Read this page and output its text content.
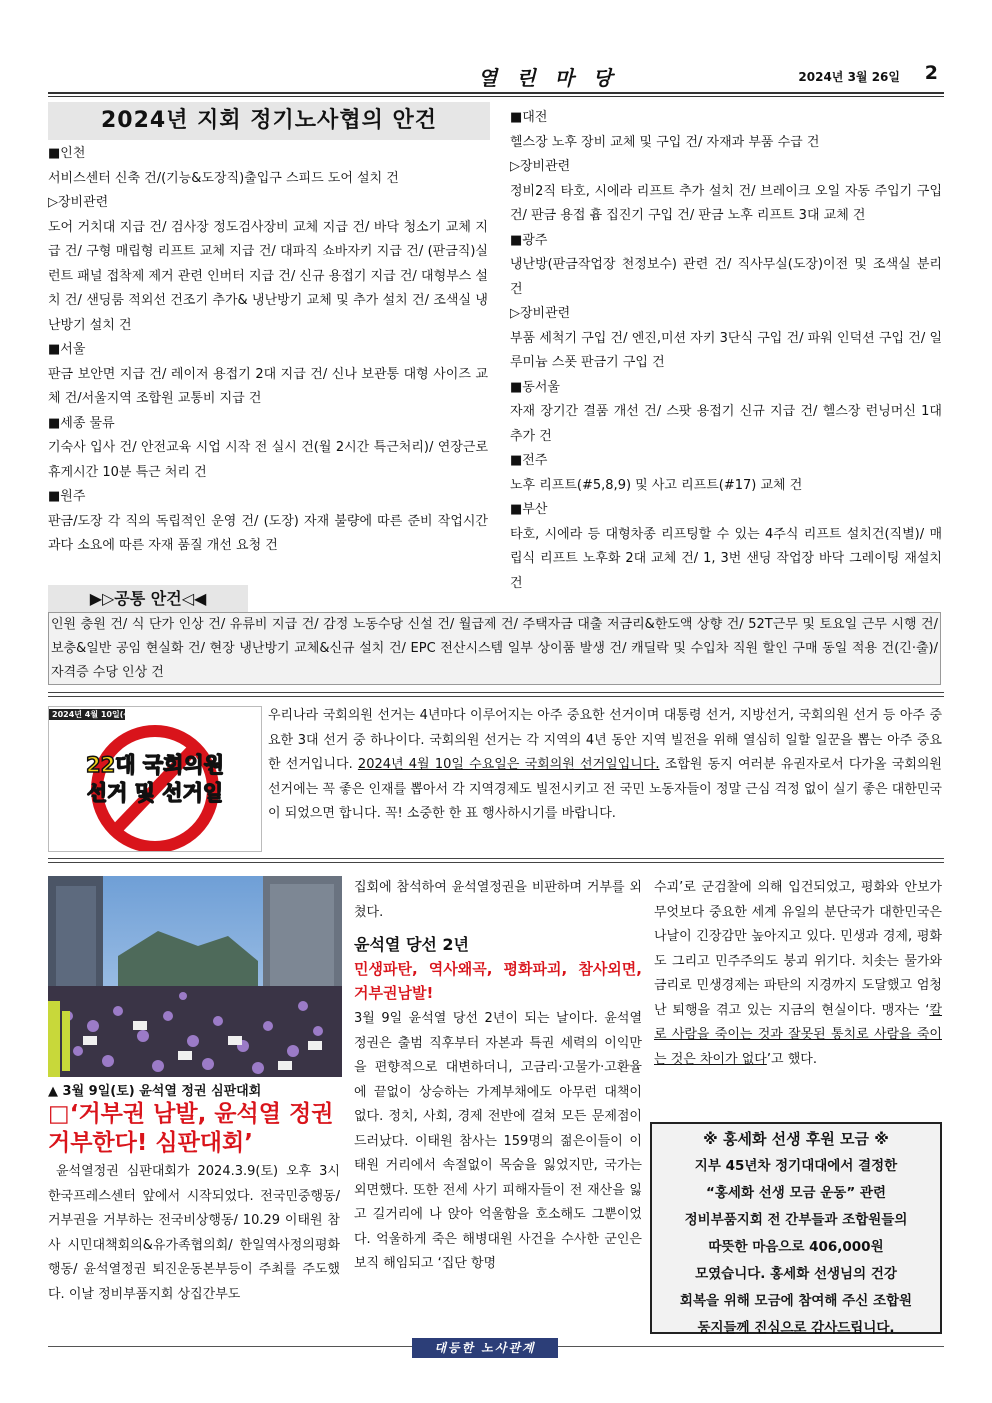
열 린 마 당	2024년 3월 26일 2
2024년 지회 정기노사협의 안건

■인천

서비스센터 신축 건/(기능&도장직)출입구 스피드 도어 설치 건

▷장비관련

도어 거치대 지급 건/ 검사장 정도검사장비 교체 지급 건/ 바닥 청소기 교체 지급 건/ 구형 매립형 리프트 교체 지급 건/ 대파직 쇼바자키 지급 건/ (판금직)실런트 패널 접착제 제거 관련 인버터 지급 건/ 신규 용접기 지급 건/ 대형부스 설치 건/ 샌딩룸 적외선 건조기 추가& 냉난방기 교체 및 추가 설치 건/ 조색실 냉난방기 설치 건

■서울

판금 보안면 지급 건/ 레이저 용접기 2대 지급 건/ 신나 보관통 대형 사이즈 교체 건/서울지역 조합원 교통비 지급 건

■세종 물류

기숙사 입사 건/ 안전교육 시업 시작 전 실시 건(월 2시간 특근처리)/ 연장근로 휴게시간 10분 특근 처리 건

■원주

판금/도장 각 직의 독립적인 운영 건/ (도장) 자재 불량에 따른 준비 작업시간 과다 소요에 따른 자재 품질 개선 요청 건

■대전

헬스장 노후 장비 교체 및 구입 건/ 자재과 부품 수급 건

▷장비관련

정비2직 타호, 시에라 리프트 추가 설치 건/ 브레이크 오일 자동 주입기 구입 건/ 판금 용접 흄 집진기 구입 건/ 판금 노후 리프트 3대 교체 건

■광주

냉난방(판금작업장 천정보수) 관련 건/ 직사무실(도장)이전 및 조색실 분리 건

▷장비관련

부품 세척기 구입 건/ 엔진,미션 자키 3단식 구입 건/ 파워 인덕션 구입 건/ 일루미늄 스폿 판금기 구입 건

■동서울

자재 장기간 결품 개선 건/ 스팟 용접기 신규 지급 건/ 헬스장 런닝머신 1대 추가 건

■전주

노후 리프트(#5,8,9) 및 사고 리프트(#17) 교체 건

■부산

타호, 시에라 등 대형차종 리프팅할 수 있는 4주식 리프트 설치건(직별)/ 매립식 리프트 노후화 2대 교체 건/ 1, 3번 샌딩 작업장 바닥 그레이팅 재설치 건

▶▷공통 안건◁◀
인원 충원 건/ 식 단가 인상 건/ 유류비 지급 건/ 감정 노동수당 신설 건/ 월급제 건/ 주택자금 대출 저금리&한도액 상향 건/ 52T근무 및 토요일 근무 시행 건/ 보충&일반 공임 현실화 건/ 현장 냉난방기 교체&신규 설치 건/ EPC 전산시스템 일부 상이품 발생 건/ 캐딜락 및 수입차 직원 할인 구매 동일 적용 건(긴·출)/ 자격증 수당 인상 건
2024년 4월 10일(수)
22대 국회의원
선거 및 선거일
우리나라 국회의원 선거는 4년마다 이루어지는 아주 중요한 선거이며 대통령 선거, 지방선거, 국회의원 선거 등 아주 중요한 3대 선거 중 하나이다. 국회의원 선거는 각 지역의 4년 동안 지역 빌전을 위해 열심히 일할 일꾼을 뽑는 아주 중요한 선거입니다. 2024년 4월 10일 수요일은 국회의원 선거일입니다. 조합원 동지 여러분 유권자로서 다가올 국회의원 선거에는 꼭 좋은 인재를 뽑아서 각 지역경제도 빌전시키고 전 국민 노동자들이 정말 근심 걱정 없이 실기 좋은 대한민국이 되었으면 합니다. 꼭! 소중한 한 표 행사하시기를 바랍니다.
▲ 3월 9일(토) 윤석열 정권 심판대회
□‘거부권 남발, 윤석열 정권 거부한다! 심판대회’

윤석열정권 심판대회가 2024.3.9(토) 오후 3시 한국프레스센터 앞에서 시작되었다. 전국민중행동/거부권을 거부하는 전국비상행동/ 10.29 이태원 참사 시민대책회의&유가족협의회/ 한일역사정의평화행동/ 윤석열정권 퇴진운동본부등이 주최를 주도했다. 이날 정비부품지회 상집간부도

집회에 참석하여 윤석열정권을 비판하며 거부를 외쳤다.

윤석열 당선 2년
민생파탄, 역사왜곡, 평화파괴, 참사외면, 거부권남발!

3월 9일 윤석열 당선 2년이 되는 날이다. 윤석열 정권은 출범 직후부터 자본과 특권 세력의 이익만을 편향적으로 대변하더니, 고금리·고물가·고환율에 끝없이 상승하는 가계부채에도 아무런 대책이 없다. 정치, 사회, 경제 전반에 걸쳐 모든 문제점이 드러났다. 이태원 참사는 159명의 젊은이들이 이태원 거리에서 속절없이 목숨을 잃었지만, 국가는 외면했다. 또한 전세 사기 피해자들이 전 재산을 잃고 길거리에 나 앉아 억울함을 호소해도 그뿐이었다. 억울하게 죽은 해병대원 사건을 수사한 군인은 보직 해임되고 ‘집단 항명

수괴’로 군검찰에 의해 입건되었고, 평화와 안보가 무엇보다 중요한 세계 유일의 분단국가 대한민국은 나날이 긴장감만 높아지고 있다. 민생과 경제, 평화도 그리고 민주주의도 붕괴 위기다. 치솟는 물가와 금리로 민생경제는 파탄의 지경까지 도달했고 엄청난 퇴행을 겪고 있는 지금의 현실이다. 맹자는 ‘칼로 사람을 죽이는 것과 잘못된 통치로 사람을 죽이는 것은 차이가 없다’고 했다.
※ 홍세화 선생 후원 모금 ※
지부 45년차 정기대대에서 결정한
“홍세화 선생 모금 운동” 관련
정비부품지회 전 간부들과 조합원들의
따뜻한 마음으로 406,000원
모였습니다. 홍세화 선생님의 건강
회복을 위해 모금에 참여해 주신 조합원
동지들께 진심으로 감사드립니다.
대등한 노사관계
